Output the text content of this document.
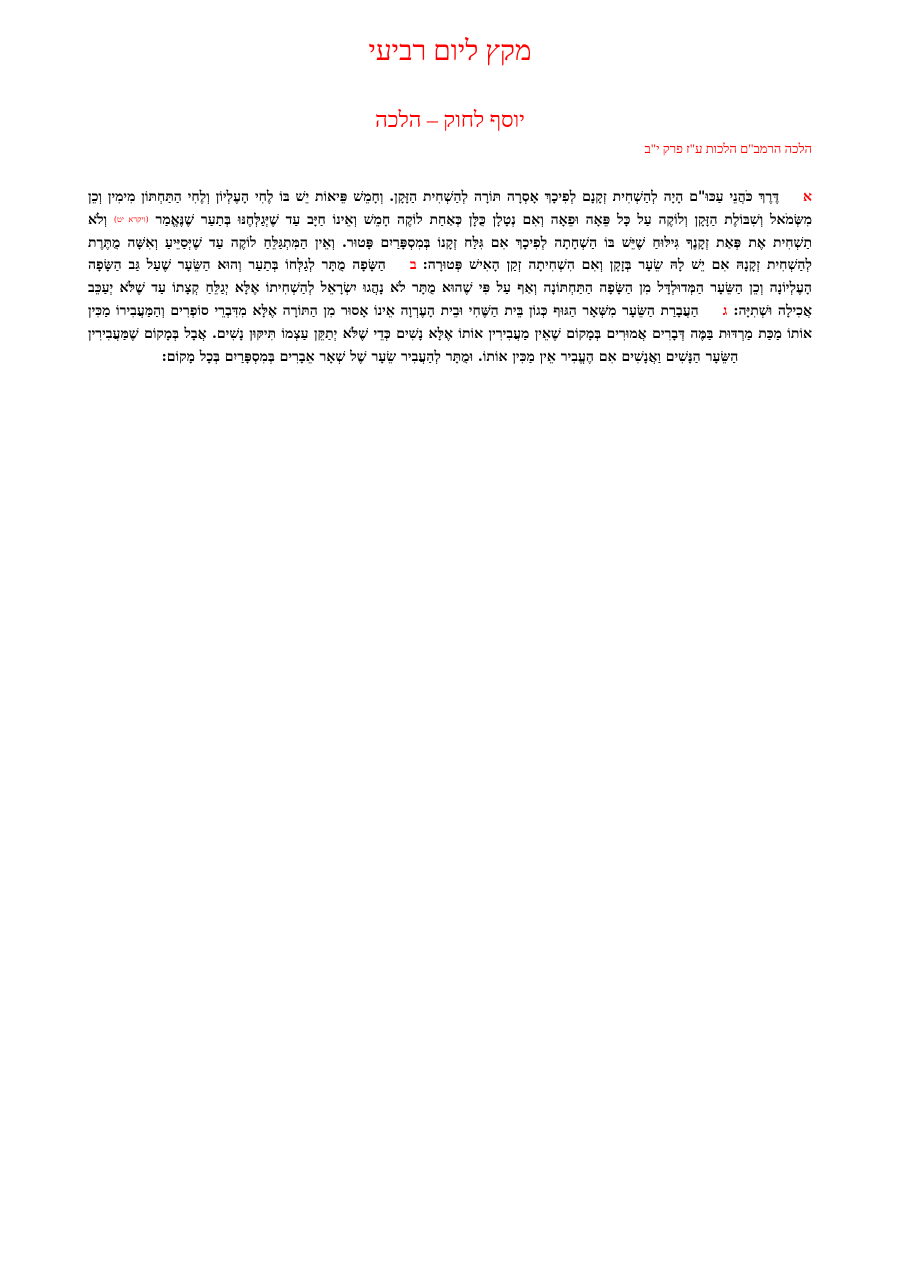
מקץ ליום רביעי
יוסף לחוק – הלכה
הלכה הרמב"ם הלכות ע"ז פרק י"ב

אדֶּרֶךְ כֹּהֲנֵי עַכּוּ"ם הָיָה לְהַשְׁחִית זְקָנָם לְפִיכָךְ אָסְרָה תּוֹרָה לְהַשְׁחִית הַזָּקָן. וְחָמֵשׁ פֵּיאוֹת יֵשׁ בּוֹ לֶחִי הָעֶלְיוֹן וְלֶחִי הַתַּחְתּוֹן מִימִין וְכֵן מִשְּׂמֹאל וְשִׁבּוֹלֶת הַזָּקָן וְלוֹקֶה עַל כָּל פֵּאָה וּפֵאָה וְאִם נְטָלָן כֻּלָּן כְּאַחַת לוֹקֶה חָמֵשׁ וְאֵינוֹ חַיָּב עַד שֶׁיְּגַלְּחֶנּוּ בְּתַעַר שֶׁנֶּאֱמַר (ויקרא יט) וְלֹא תַשְׁחִית אֶת פְּאַת זְקָנֶךָ גִּילּוּחַ שֶׁיֵּשׁ בּוֹ הַשְׁחָתָה לְפִיכָךְ אִם גִּלַּח זְקָנוֹ בְּמִסְפָּרַיִם פָּטוּר. וְאֵין הַמִּתְגַּלֵּחַ לוֹקֶה עַד שֶׁיְּסַיֵּיעַ וְאִשָּׁה מֻתֶּרֶת לְהַשְׁחִית זְקָנָהּ אִם יֵשׁ לָהּ שֵׂעָר בְּזָקָן וְאִם הִשְׁחִיתָה זְקַן הָאִישׁ פְּטוּרָה:בהַשָּׂפָה מֻתָּר לְגַלְּחוֹ בְּתַעַר וְהוּא הַשֵּׂעָר שֶׁעַל גַּב הַשָּׂפָה הָעֶלְיוֹנָה וְכֵן הַשֵּׂעָר הַמְּדוּלְדָּל מִן הַשָּׂפָה הַתַּחְתּוֹנָה וְאַף עַל פִּי שֶׁהוּא מֻתָּר לֹא נָהֲגוּ יִשְׂרָאֵל לְהַשְׁחִיתוֹ אֶלָּא יְגַלֵּחַ קְצָתוֹ עַד שֶׁלֹּא יְעַכֵּב אֲכִילָה וּשְׁתִיָּה:גהַעֲבָרַת הַשֵּׂעָר מִשְּׁאָר הַגּוּף כְּגוֹן בֵּית הַשֶּׁחִי וּבֵית הָעֶרְוָה אֵינוֹ אָסוּר מִן הַתּוֹרָה אֶלָּא מִדִּבְרֵי סוֹפְרִים וְהַמַּעֲבִירוֹ מַכִּין אוֹתוֹ מַכַּת מַרְדּוּת בַּמֶּה דְּבָרִים אֲמוּרִים בְּמָקוֹם שֶׁאֵין מַעֲבִירִין אוֹתוֹ אֶלָּא נָשִׁים כְּדֵי שֶׁלֹּא יְתַקֵּן עַצְמוֹ תִּיקּוּן נָשִׁים. אֲבָל בְּמָקוֹם שֶׁמַּעֲבִירִין הַשֵּׂעָר הַנָּשִׁים וַאֲנָשִׁים אִם הֶעֱבִיר אֵין מַכִּין אוֹתוֹ. וּמֻתָּר לְהַעֲבִיר שֵׂעָר שֶׁל שְׁאָר אֵבָרִים בְּמִסְפָּרַיִם בְּכָל מָקוֹם:
